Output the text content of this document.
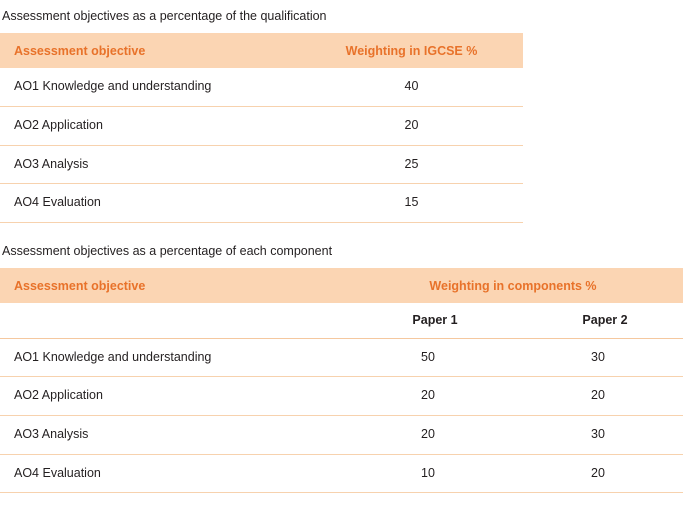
Assessment objectives as a percentage of the qualification

Assessment objective	Weighting in IGCSE %
AO1 Knowledge and understanding	40
AO2 Application	20
AO3 Analysis	25
AO4 Evaluation	15

Assessment objectives as a percentage of each component

Assessment objective	Weighting in components %	
	Paper 1	Paper 2
AO1 Knowledge and understanding	50	30
AO2 Application	20	20
AO3 Analysis	20	30
AO4 Evaluation	10	20
